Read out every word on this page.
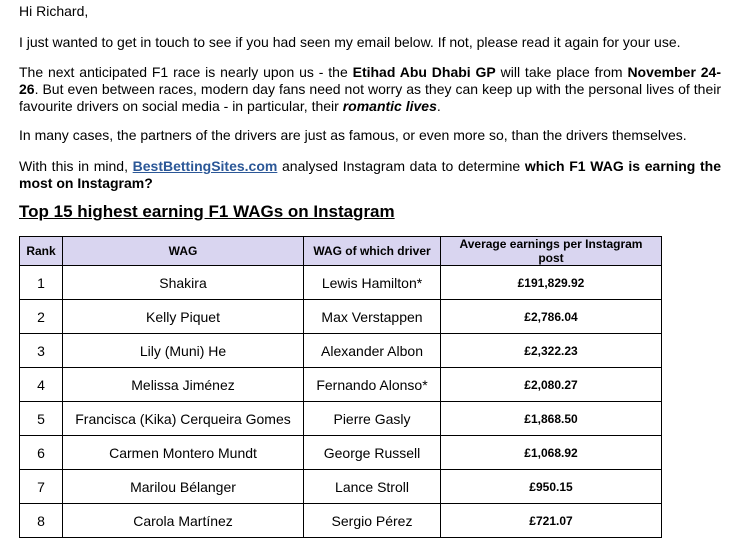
Hi Richard,

I just wanted to get in touch to see if you had seen my email below. If not, please read it again for your use.

The next anticipated F1 race is nearly upon us - the Etihad Abu Dhabi GP will take place from November 24-26. But even between races, modern day fans need not worry as they can keep up with the personal lives of their favourite drivers on social media - in particular, their romantic lives.

In many cases, the partners of the drivers are just as famous, or even more so, than the drivers themselves.

With this in mind, BestBettingSites.com analysed Instagram data to determine which F1 WAG is earning the most on Instagram?

Top 15 highest earning F1 WAGs on Instagram
Rank	WAG	WAG of which driver	Average earnings per Instagram post
1	Shakira	Lewis Hamilton*	£191,829.92
2	Kelly Piquet	Max Verstappen	£2,786.04
3	Lily (Muni) He	Alexander Albon	£2,322.23
4	Melissa Jiménez	Fernando Alonso*	£2,080.27
5	Francisca (Kika) Cerqueira Gomes	Pierre Gasly	£1,868.50
6	Carmen Montero Mundt	George Russell	£1,068.92
7	Marilou Bélanger	Lance Stroll	£950.15
8	Carola Martínez	Sergio Pérez	£721.07
